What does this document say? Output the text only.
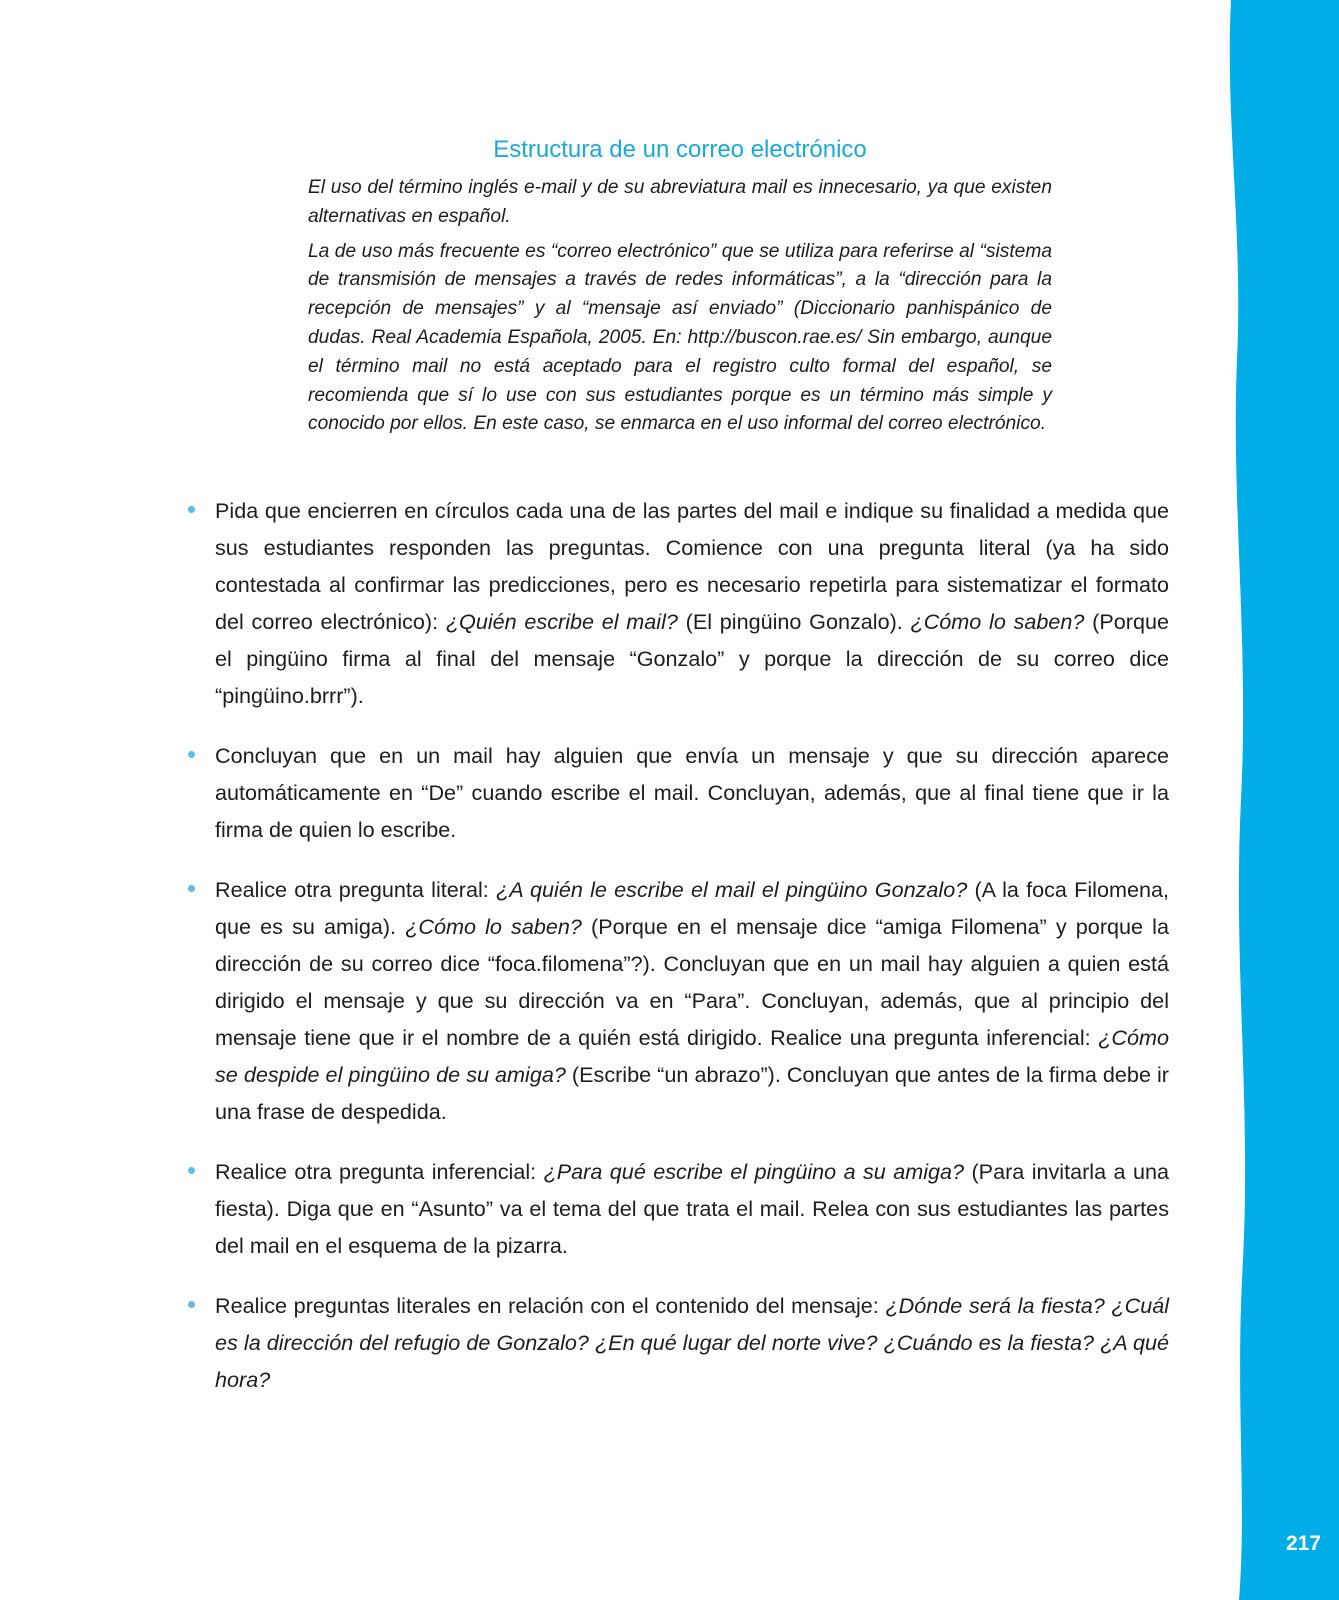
217
Estructura de un correo electrónico

El uso del término inglés e-mail y de su abreviatura mail es innecesario, ya que existen alternativas en español.

La de uso más frecuente es “correo electrónico” que se utiliza para referirse al “sistema de transmisión de mensajes a través de redes informáticas”, a la “dirección para la recepción de mensajes” y al “mensaje así enviado” (Diccionario panhispánico de dudas. Real Academia Española, 2005. En: http://buscon.rae.es/ Sin embargo, aunque el término mail no está aceptado para el registro culto formal del español, se recomienda que sí lo use con sus estudiantes porque es un término más simple y conocido por ellos. En este caso, se enmarca en el uso informal del correo electrónico.

Pida que encierren en círculos cada una de las partes del mail e indique su finalidad a medida que sus estudiantes responden las preguntas. Comience con una pregunta literal (ya ha sido contestada al confirmar las predicciones, pero es necesario repetirla para sistematizar el formato del correo electrónico): ¿Quién escribe el mail? (El pingüino Gonzalo). ¿Cómo lo saben? (Porque el pingüino firma al final del mensaje “Gonzalo” y porque la dirección de su correo dice “pingüino.brrr”).
Concluyan que en un mail hay alguien que envía un mensaje y que su dirección aparece automáticamente en “De” cuando escribe el mail. Concluyan, además, que al final tiene que ir la firma de quien lo escribe.
Realice otra pregunta literal: ¿A quién le escribe el mail el pingüino Gonzalo? (A la foca Filomena, que es su amiga). ¿Cómo lo saben? (Porque en el mensaje dice “amiga Filomena” y porque la dirección de su correo dice “foca.filomena”?). Concluyan que en un mail hay alguien a quien está dirigido el mensaje y que su dirección va en “Para”. Concluyan, además, que al principio del mensaje tiene que ir el nombre de a quién está dirigido. Realice una pregunta inferencial: ¿Cómo se despide el pingüino de su amiga? (Escribe “un abrazo”). Concluyan que antes de la firma debe ir una frase de despedida.
Realice otra pregunta inferencial: ¿Para qué escribe el pingüino a su amiga? (Para invitarla a una fiesta). Diga que en “Asunto” va el tema del que trata el mail. Relea con sus estudiantes las partes del mail en el esquema de la pizarra.
Realice preguntas literales en relación con el contenido del mensaje: ¿Dónde será la fiesta? ¿Cuál es la dirección del refugio de Gonzalo? ¿En qué lugar del norte vive? ¿Cuándo es la fiesta? ¿A qué hora?
